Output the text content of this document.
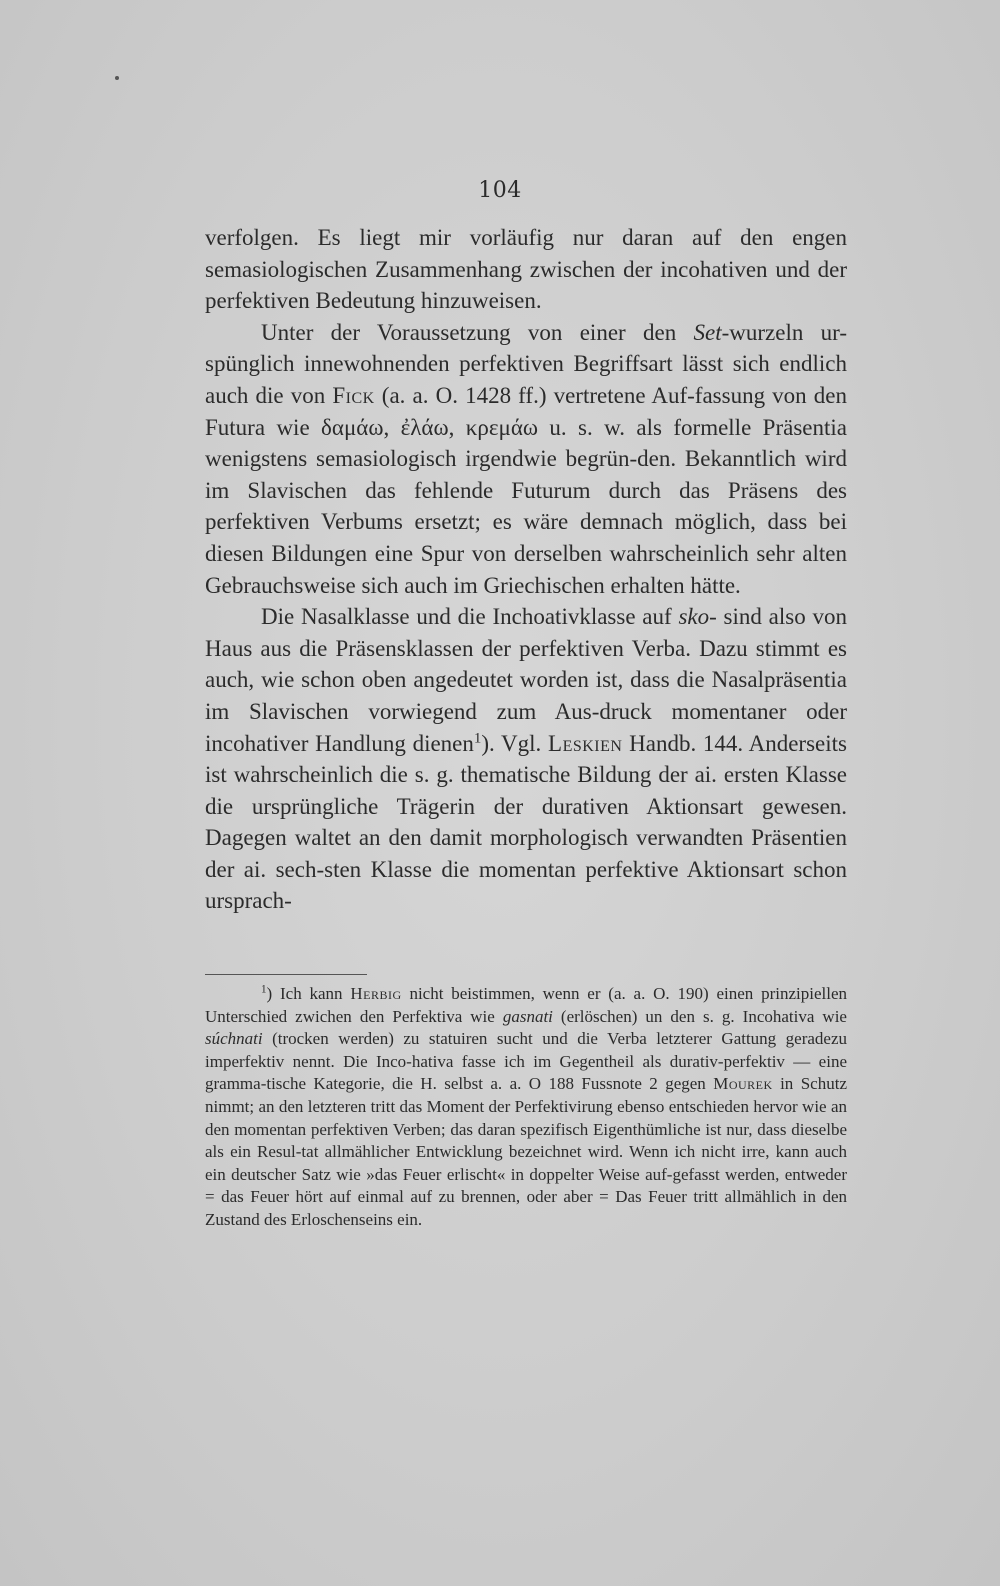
104

verfolgen. Es liegt mir vorläufig nur daran auf den engen semasiologischen Zusammenhang zwischen der incohativen und der perfektiven Bedeutung hinzuweisen.

Unter der Voraussetzung von einer den Set-wurzeln ur-spünglich innewohnenden perfektiven Begriffsart lässt sich endlich auch die von Fick (a. a. O. 1428 ff.) vertretene Auf-fassung von den Futura wie δαμάω, ἐλάω, κρεμάω u. s. w. als formelle Präsentia wenigstens semasiologisch irgendwie begrün-den. Bekanntlich wird im Slavischen das fehlende Futurum durch das Präsens des perfektiven Verbums ersetzt; es wäre demnach möglich, dass bei diesen Bildungen eine Spur von derselben wahrscheinlich sehr alten Gebrauchsweise sich auch im Griechischen erhalten hätte.

Die Nasalklasse und die Inchoativklasse auf sko- sind also von Haus aus die Präsensklassen der perfektiven Verba. Dazu stimmt es auch, wie schon oben angedeutet worden ist, dass die Nasalpräsentia im Slavischen vorwiegend zum Aus-druck momentaner oder incohativer Handlung dienen$^1$). Vgl. Leskien Handb. 144. Anderseits ist wahrscheinlich die s. g. thematische Bildung der ai. ersten Klasse die ursprüngliche Trägerin der durativen Aktionsart gewesen. Dagegen waltet an den damit morphologisch verwandten Präsentien der ai. sech-sten Klasse die momentan perfektive Aktionsart schon ursprach-

$^1$) Ich kann Herbig nicht beistimmen, wenn er (a. a. O. 190) einen prinzipiellen Unterschied zwichen den Perfektiva wie gasnati (erlöschen) un den s. g. Incohativa wie súchnati (trocken werden) zu statuiren sucht und die Verba letzterer Gattung geradezu imperfektiv nennt. Die Inco-hativa fasse ich im Gegentheil als durativ-perfektiv — eine gramma-tische Kategorie, die H. selbst a. a. O 188 Fussnote 2 gegen Mourek in Schutz nimmt; an den letzteren tritt das Moment der Perfektivirung ebenso entschieden hervor wie an den momentan perfektiven Verben; das daran spezifisch Eigenthümliche ist nur, dass dieselbe als ein Resul-tat allmählicher Entwicklung bezeichnet wird. Wenn ich nicht irre, kann auch ein deutscher Satz wie »das Feuer erlischt« in doppelter Weise auf-gefasst werden, entweder = das Feuer hört auf einmal auf zu brennen, oder aber = Das Feuer tritt allmählich in den Zustand des Erloschenseins ein.
